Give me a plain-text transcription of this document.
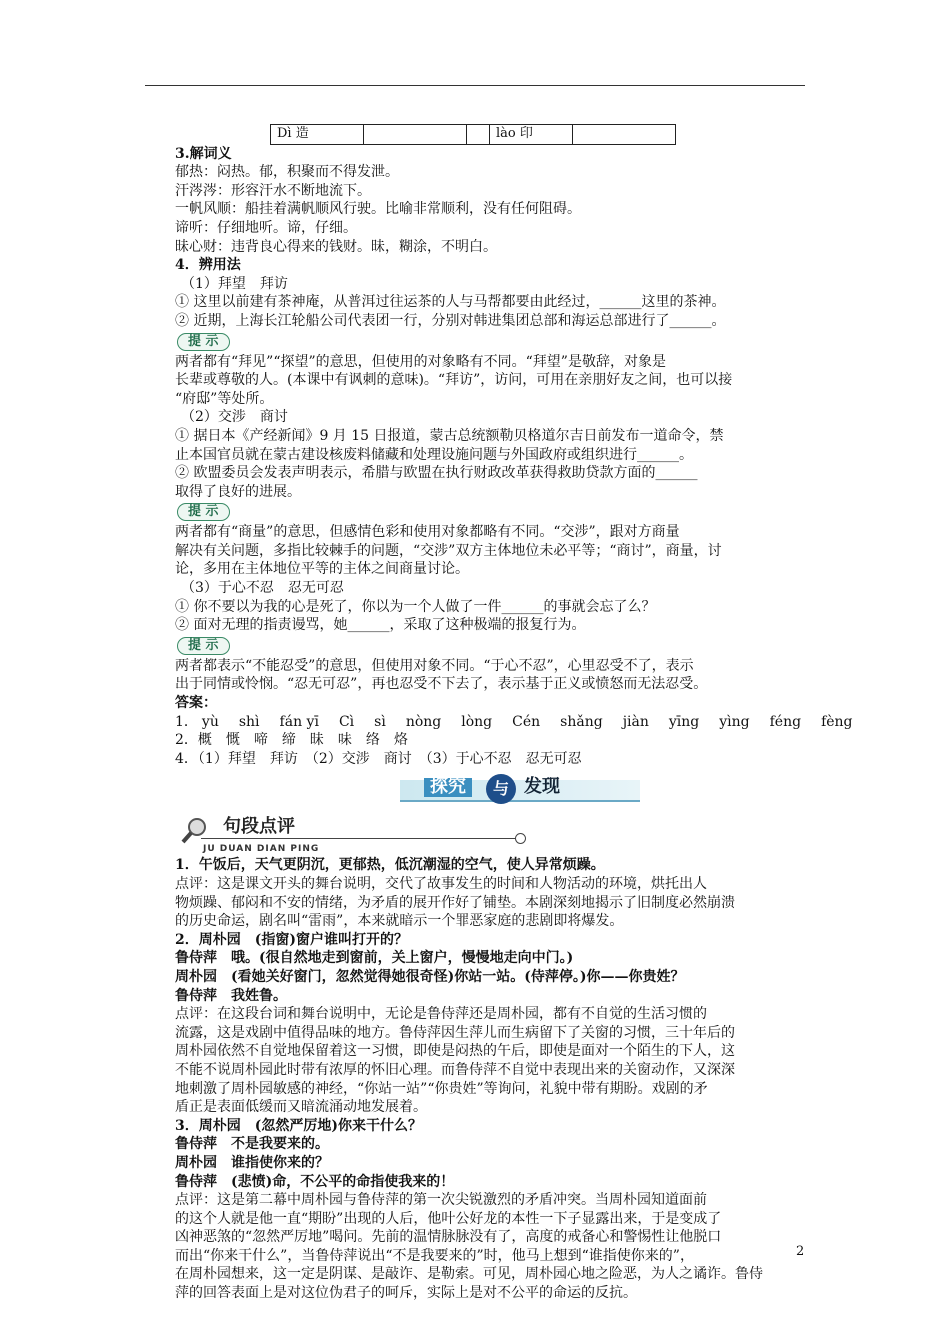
Dì 造			lào 印	
3.解词义
郁热：闷热。郁，积聚而不得发泄。
汗涔涔：形容汗水不断地流下。
一帆风顺：船挂着满帆顺风行驶。比喻非常顺利，没有任何阻碍。
谛听：仔细地听。谛，仔细。
昧心财：违背良心得来的钱财。昧，糊涂，不明白。
4．辨用法
（1）拜望　拜访
① 这里以前建有茶神庵，从普洱过往运茶的人与马帮都要由此经过，______这里的茶神。
② 近期，上海长江轮船公司代表团一行，分别对韩进集团总部和海运总部进行了______。
提 示
两者都有“拜见”“探望”的意思，但使用的对象略有不同。“拜望”是敬辞，对象是
长辈或尊敬的人。(本课中有讽刺的意味)。“拜访”，访问，可用在亲朋好友之间，也可以接
“府邸”等处所。
（2）交涉　商讨
① 据日本《产经新闻》9 月 15 日报道，蒙古总统额勒贝格道尔吉日前发布一道命令，禁
止本国官员就在蒙古建设核废料储藏和处理设施问题与外国政府或组织进行______。
② 欧盟委员会发表声明表示，希腊与欧盟在执行财政改革获得救助贷款方面的______
取得了良好的进展。
提 示
两者都有“商量”的意思，但感情色彩和使用对象都略有不同。“交涉”，跟对方商量
解决有关问题，多指比较棘手的问题，“交涉”双方主体地位未必平等；“商讨”，商量，讨
论，多用在主体地位平等的主体之间商量讨论。
（3）于心不忍　忍无可忍
① 你不要以为我的心是死了，你以为一个人做了一件______的事就会忘了么？
② 面对无理的指责谩骂，她______，采取了这种极端的报复行为。
提 示
两者都表示“不能忍受”的意思，但使用对象不同。“于心不忍”，心里忍受不了，表示
出于同情或怜悯。“忍无可忍”，再也忍受不下去了，表示基于正义或愤怒而无法忍受。
答案：
1． yù shì fán yī Cì sì nòng lòng Cén shǎng jiàn yīng yìng féng fèng
2．概　慨　啼　缔　昧　味　络　烙
4．（1）拜望　拜访　（2）交涉　商讨　（3）于心不忍　忍无可忍
探究	与 发现
句段点评
JU DUAN DIAN PING
1．午饭后，天气更阴沉，更郁热，低沉潮湿的空气，使人异常烦躁。
点评：这是课文开头的舞台说明，交代了故事发生的时间和人物活动的环境，烘托出人
物烦躁、郁闷和不安的情绪，为矛盾的展开作好了铺垫。本剧深刻地揭示了旧制度必然崩溃
的历史命运，剧名叫“雷雨”，本来就暗示一个罪恶家庭的悲剧即将爆发。
2．周朴园　(指窗)窗户谁叫打开的？
鲁侍萍　哦。(很自然地走到窗前，关上窗户，慢慢地走向中门。)
周朴园　(看她关好窗门，忽然觉得她很奇怪)你站一站。(侍萍停。)你——你贵姓？
鲁侍萍　我姓鲁。
点评：在这段台词和舞台说明中，无论是鲁侍萍还是周朴园，都有不自觉的生活习惯的
流露，这是戏剧中值得品味的地方。鲁侍萍因生萍儿而生病留下了关窗的习惯，三十年后的
周朴园依然不自觉地保留着这一习惯，即使是闷热的午后，即使是面对一个陌生的下人，这
不能不说周朴园此时带有浓厚的怀旧心理。而鲁侍萍不自觉中表现出来的关窗动作，又深深
地刺激了周朴园敏感的神经，“你站一站”“你贵姓”等询问，礼貌中带有期盼。戏剧的矛
盾正是表面低缓而又暗流涌动地发展着。
3．周朴园　(忽然严厉地)你来干什么？
鲁侍萍　不是我要来的。
周朴园　谁指使你来的？
鲁侍萍　(悲愤)命，不公平的命指使我来的！
点评：这是第二幕中周朴园与鲁侍萍的第一次尖锐激烈的矛盾冲突。当周朴园知道面前
的这个人就是他一直“期盼”出现的人后，他叶公好龙的本性一下子显露出来，于是变成了
凶神恶煞的“忽然严厉地”喝问。先前的温情脉脉没有了，高度的戒备心和警惕性让他脱口
而出“你来干什么”，当鲁侍萍说出“不是我要来的”时，他马上想到“谁指使你来的”，
在周朴园想来，这一定是阴谋、是敲诈、是勒索。可见，周朴园心地之险恶，为人之谲诈。鲁侍
萍的回答表面上是对这位伪君子的呵斥，实际上是对不公平的命运的反抗。
2
